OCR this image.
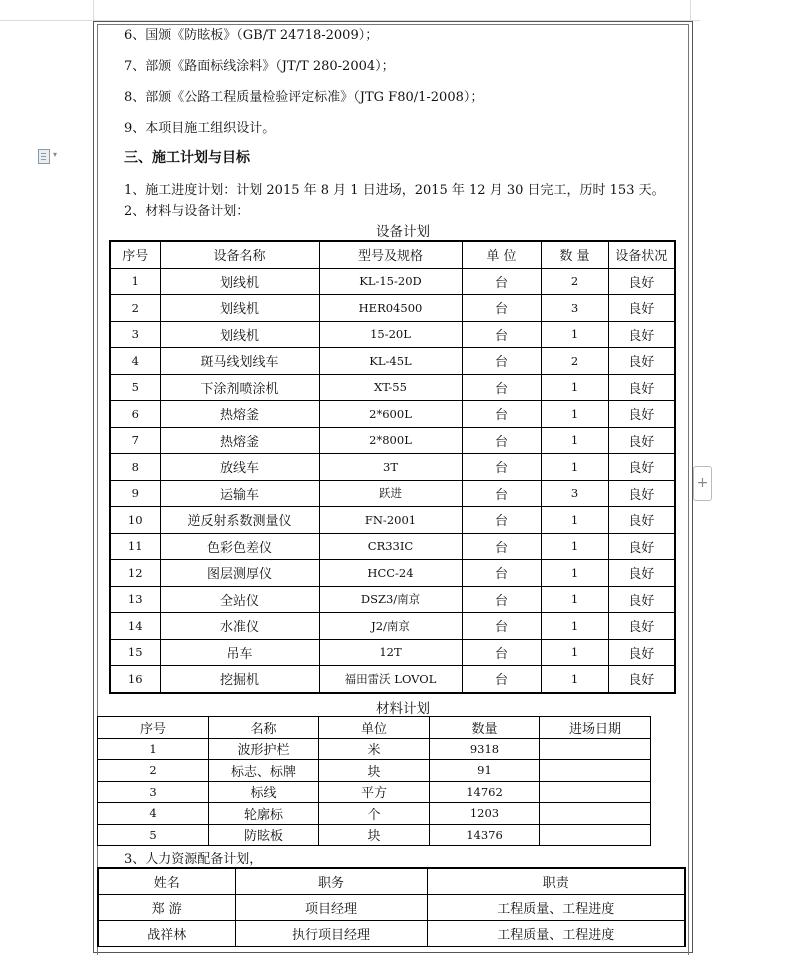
▾
6、国颁《防眩板》（GB/T 24718-2009）；
7、部颁《路面标线涂料》（JT/T 280-2004）；
8、部颁《公路工程质量检验评定标准》（JTG F80/1-2008）；
9、本项目施工组织设计。
三、施工计划与目标
1、施工进度计划：计划 2015 年 8 月 1 日进场，2015 年 12 月 30 日完工，历时 153 天。
2、材料与设备计划：
设备计划
序号	设备名称	型号及规格	单 位	数 量	设备状况
1	划线机	KL-15-20D	台	2	良好
2	划线机	HER04500	台	3	良好
3	划线机	15-20L	台	1	良好
4	斑马线划线车	KL-45L	台	2	良好
5	下涂剂喷涂机	XT-55	台	1	良好
6	热熔釜	2*600L	台	1	良好
7	热熔釜	2*800L	台	1	良好
8	放线车	3T	台	1	良好
9	运输车	跃进	台	3	良好
10	逆反射系数测量仪	FN-2001	台	1	良好
11	色彩色差仪	CR33IC	台	1	良好
12	图层测厚仪	HCC-24	台	1	良好
13	全站仪	DSZ3/南京	台	1	良好
14	水准仪	J2/南京	台	1	良好
15	吊车	12T	台	1	良好
16	挖掘机	福田雷沃 LOVOL	台	1	良好
材料计划
序号	名称	单位	数量	进场日期
1	波形护栏	米	9318	
2	标志、标牌	块	91	
3	标线	平方	14762	
4	轮廓标	个	1203	
5	防眩板	块	14376	
3、人力资源配备计划，
姓名	职务	职责
郑 游	项目经理	工程质量、工程进度
战祥林	执行项目经理	工程质量、工程进度
+
